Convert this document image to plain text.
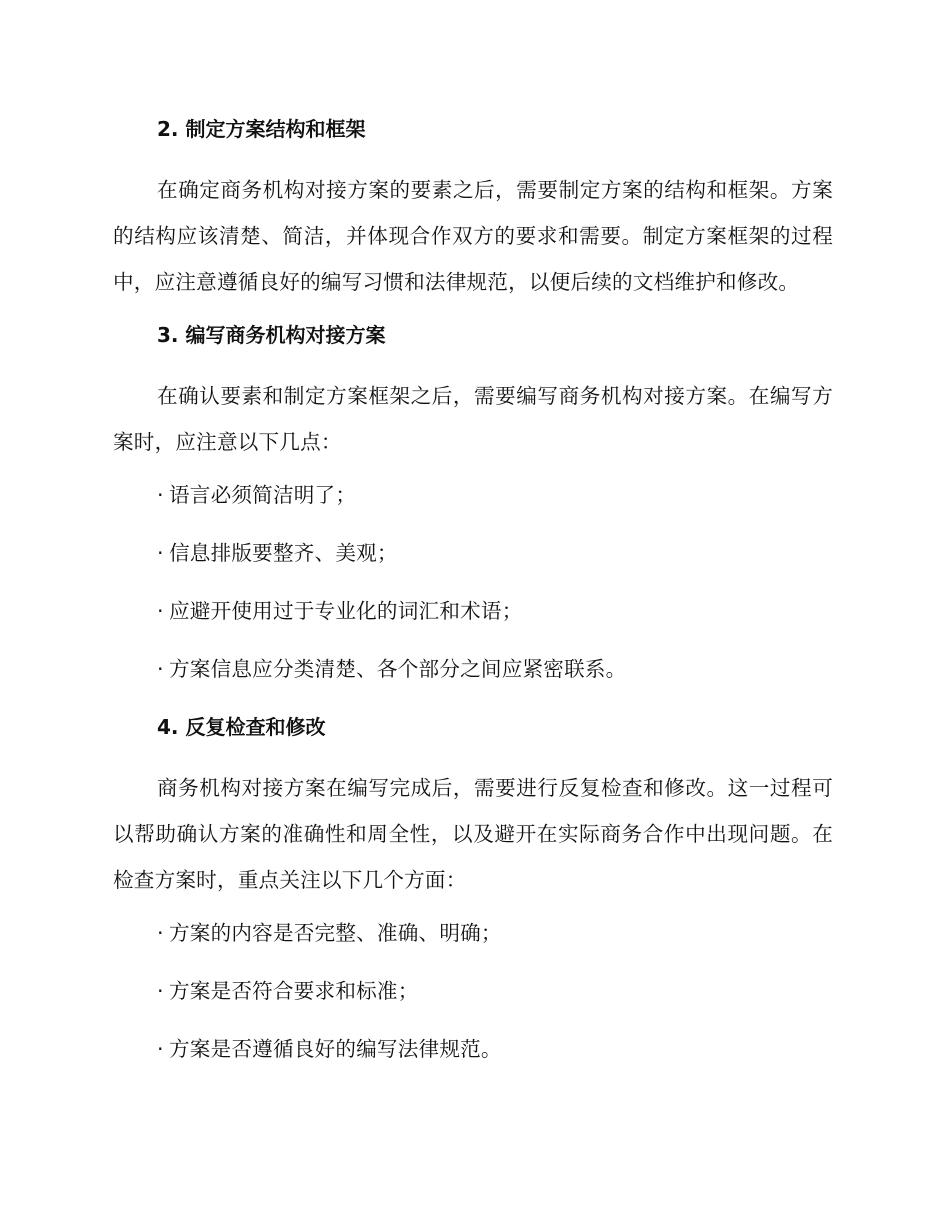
2. 制定方案结构和框架

在确定商务机构对接方案的要素之后，需要制定方案的结构和框架。方案的结构应该清楚、简洁，并体现合作双方的要求和需要。制定方案框架的过程中，应注意遵循良好的编写习惯和法律规范，以便后续的文档维护和修改。

3. 编写商务机构对接方案

在确认要素和制定方案框架之后，需要编写商务机构对接方案。在编写方案时，应注意以下几点：

· 语言必须简洁明了；
· 信息排版要整齐、美观；
· 应避开使用过于专业化的词汇和术语；
· 方案信息应分类清楚、各个部分之间应紧密联系。
4. 反复检查和修改

商务机构对接方案在编写完成后，需要进行反复检查和修改。这一过程可以帮助确认方案的准确性和周全性，以及避开在实际商务合作中出现问题。在检查方案时，重点关注以下几个方面：

· 方案的内容是否完整、准确、明确；
· 方案是否符合要求和标准；
· 方案是否遵循良好的编写法律规范。
